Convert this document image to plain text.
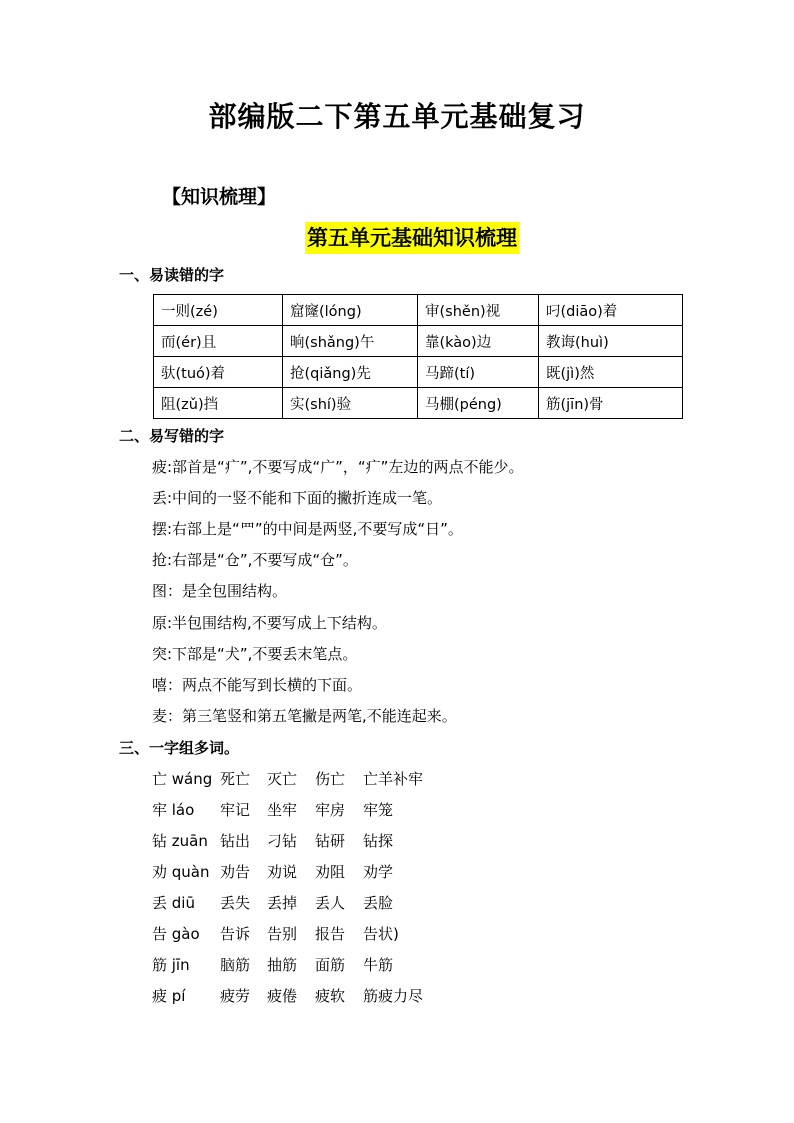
部编版二下第五单元基础复习
【知识梳理】
第五单元基础知识梳理
一、易读错的字
一则(zé)	窟窿(lóng)	审(shěn)视	叼(diāo)着
而(ér)且	晌(shǎng)午	靠(kào)边	教诲(huì)
驮(tuó)着	抢(qiǎng)先	马蹄(tí)	既(jì)然
阻(zǔ)挡	实(shí)验	马棚(péng)	筋(jīn)骨
二、易写错的字
疲:部首是“疒”,不要写成“广”，“疒”左边的两点不能少。
丢:中间的一竖不能和下面的撇折连成一笔。
摆:右部上是“罒”的中间是两竖,不要写成“日”。
抢:右部是“仓”,不要写成“仓”。
图：是全包围结构。
原:半包围结构,不要写成上下结构。
突:下部是“犬”,不要丢末笔点。
嘻：两点不能写到长横的下面。
麦：第三笔竖和第五笔撇是两笔,不能连起来。
三、一字组多词。
亡 wáng 死亡 灭亡 伤亡 亡羊补牢
牢 láo 牢记 坐牢 牢房 牢笼
钻 zuān 钻出 刁钻 钻研 钻探
劝 quàn 劝告 劝说 劝阻 劝学
丢 diū 丢失 丢掉 丢人 丢脸
告 gào 告诉 告别 报告 告状)
筋 jīn 脑筋 抽筋 面筋 牛筋
疲 pí 疲劳 疲倦 疲软 筋疲力尽
